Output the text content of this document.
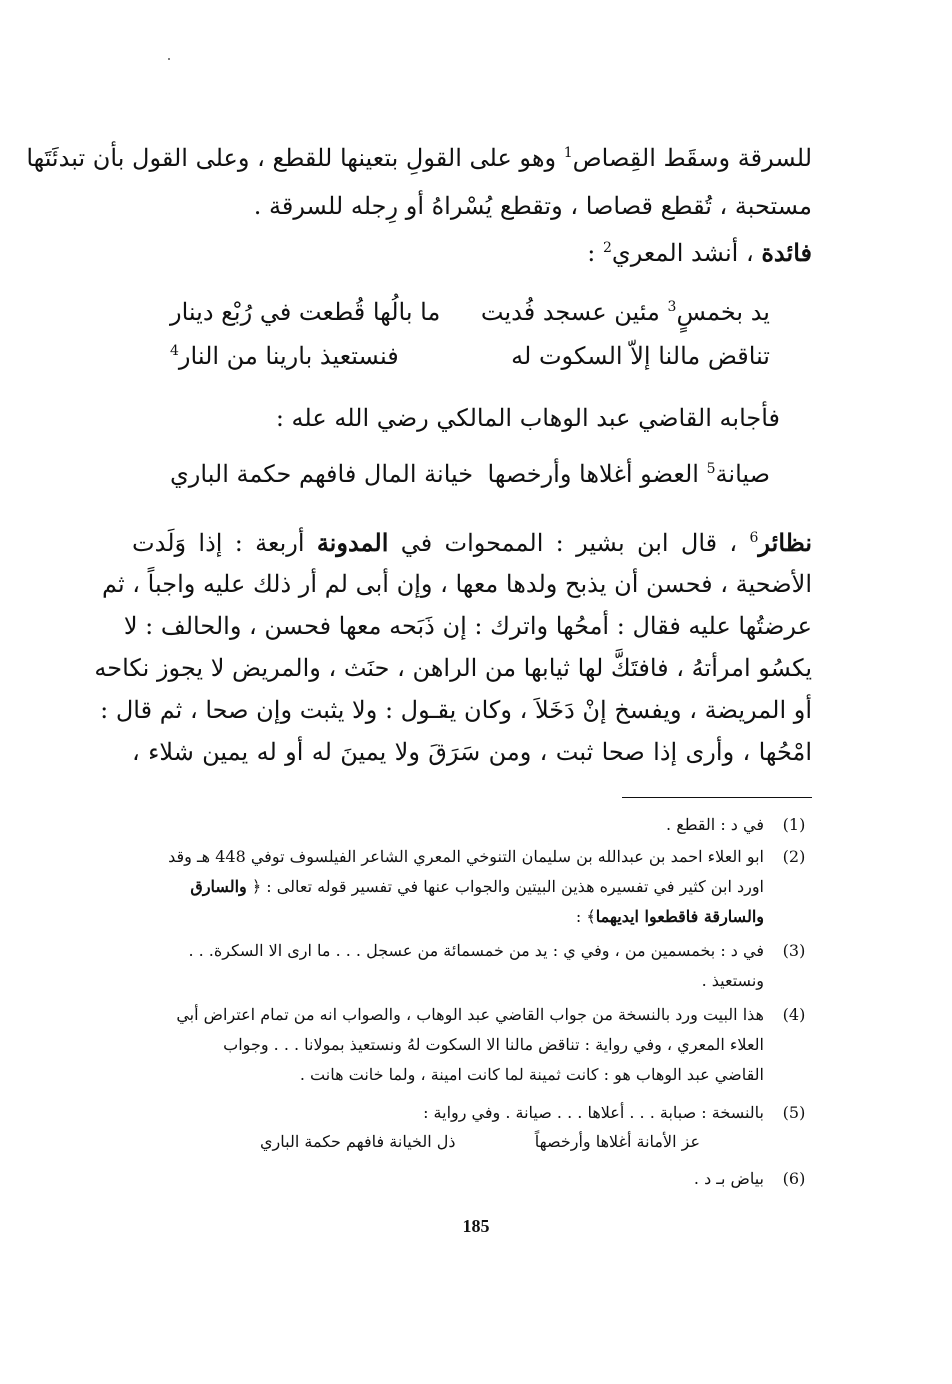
للسرقة وسقَط القِصاص$^1$ وهو على القولِ بتعينها للقطع ، وعلى القول بأن تبدئَتَها
مستحبة ، تُقطع قصاصا ، وتقطع يُسْراهُ أو رِجله للسرقة .
فائدة ، أنشد المعري$^2$ :
يد بخمسٍ$^3$ مئين عسجد فُديت
ما بالُها قُطعت في رُبْع دينار
تناقض مالنا إلاّ السكوت له
فنستعيذ بارينا من النار$^4$
فأجابه القاضي عبد الوهاب المالكي رضي الله عله :
صيانة$^5$ العضو أغلاها وأرخصها
خيانة المال فافهم حكمة الباري
نظائر$^6$ ، قال ابن بشير : الممحوات في المدونة أربعة : إذا وَلَدت
الأضحية ، فحسن أن يذبح ولدها معها ، وإن أبى لم أر ذلك عليه واجباً ، ثم
عرضتُها عليه فقال : أمحُها واترك : إن ذَبَحه معها فحسن ، والحالف : لا
يكسُو امرأتهُ ، فافتَكَّ لها ثيابها من الراهن ، حنَث ، والمريض لا يجوز نكاحه
أو المريضة ، ويفسخ إنْ دَخَلاَ ، وكان يقـول : ولا يثبت وإن صحا ، ثم قال :
امْحُها ، وأرى إذا صحا ثبت ، ومن سَرَقَ ولا يمينَ له أو له يمين شلاء ،
(1)
في د : القطع .
(2)
ابو العلاء احمد بن عبدالله بن سليمان التنوخي المعري الشاعر الفيلسوف توفي 448 هـ وقد
اورد ابن كثير في تفسيره هذين البيتين والجواب عنها في تفسير قوله تعالى : ﴿ والسارق
والسارقة فاقطعوا ايديهما﴾ :
(3)
في د : بخمسمين من ، وفي ي : يد من خمسمائة من عسجل . . . ما ارى الا السكرة. . .
ونستعيذ .
(4)
هذا البيت ورد بالنسخة من جواب القاضي عبد الوهاب ، والصواب انه من تمام اعتراض أبي
العلاء المعري ، وفي رواية : تناقض مالنا الا السكوت لهُ ونستعيذ بمولانا . . . وجواب
القاضي عبد الوهاب هو : كانت ثمينة لما كانت امينة ، ولما خانت هانت .
(5)
بالنسخة : صبابة . . . أعلاها . . . صيانة . وفي رواية :
عز الأمانة أغلاها وأرخصهاً
ذل الخيانة فافهم حكمة الباري
(6)
بياض بـ د .
185
